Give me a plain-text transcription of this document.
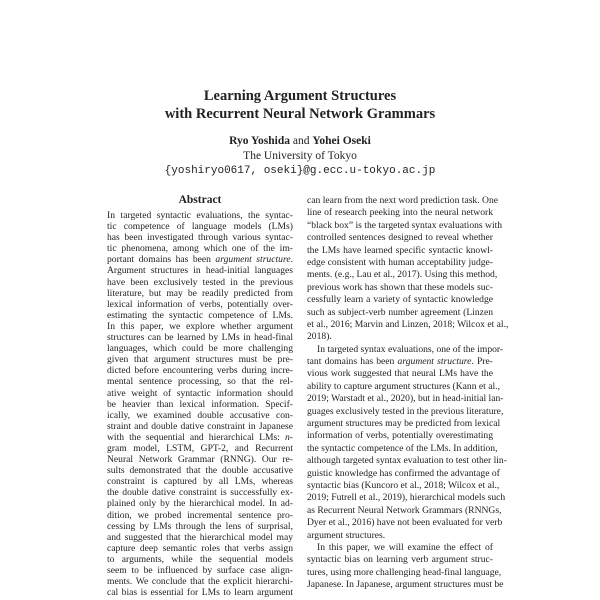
Learning Argument Structures
with Recurrent Neural Network Grammars
Ryo Yoshida and Yohei Oseki
The University of Tokyo
{yoshiryo0617, oseki}@g.ecc.u-tokyo.ac.jp
Abstract
In targeted syntactic evaluations, the syntac-
tic competence of language models (LMs)
has been investigated through various syntac-
tic phenomena, among which one of the im-
portant domains has been argument structure.
Argument structures in head-initial languages
have been exclusively tested in the previous
literature, but may be readily predicted from
lexical information of verbs, potentially over-
estimating the syntactic competence of LMs.
In this paper, we explore whether argument
structures can be learned by LMs in head-final
languages, which could be more challenging
given that argument structures must be pre-
dicted before encountering verbs during incre-
mental sentence processing, so that the rel-
ative weight of syntactic information should
be heavier than lexical information. Specif-
ically, we examined double accusative con-
straint and double dative constraint in Japanese
with the sequential and hierarchical LMs: n-
gram model, LSTM, GPT-2, and Recurrent
Neural Network Grammar (RNNG). Our re-
sults demonstrated that the double accusative
constraint is captured by all LMs, whereas
the double dative constraint is successfully ex-
plained only by the hierarchical model. In ad-
dition, we probed incremental sentence pro-
cessing by LMs through the lens of surprisal,
and suggested that the hierarchical model may
capture deep semantic roles that verbs assign
to arguments, while the sequential models
seem to be influenced by surface case align-
ments. We conclude that the explicit hierarchi-
cal bias is essential for LMs to learn argument
can learn from the next word prediction task. One
line of research peeking into the neural network
“black box” is the targeted syntax evaluations with
controlled sentences designed to reveal whether
the LMs have learned specific syntactic knowl-
edge consistent with human acceptability judge-
ments. (e.g., Lau et al., 2017). Using this method,
previous work has shown that these models suc-
cessfully learn a variety of syntactic knowledge
such as subject-verb number agreement (Linzen
et al., 2016; Marvin and Linzen, 2018; Wilcox et al.,
2018).
In targeted syntax evaluations, one of the impor-
tant domains has been argument structure. Pre-
vious work suggested that neural LMs have the
ability to capture argument structures (Kann et al.,
2019; Warstadt et al., 2020), but in head-initial lan-
guages exclusively tested in the previous literature,
argument structures may be predicted from lexical
information of verbs, potentially overestimating
the syntactic competence of the LMs. In addition,
although targeted syntax evaluation to test other lin-
guistic knowledge has confirmed the advantage of
syntactic bias (Kuncoro et al., 2018; Wilcox et al.,
2019; Futrell et al., 2019), hierarchical models such
as Recurrent Neural Network Grammars (RNNGs,
Dyer et al., 2016) have not been evaluated for verb
argument structures.
In this paper, we will examine the effect of
syntactic bias on learning verb argument struc-
tures, using more challenging head-final language,
Japanese. In Japanese, argument structures must be
